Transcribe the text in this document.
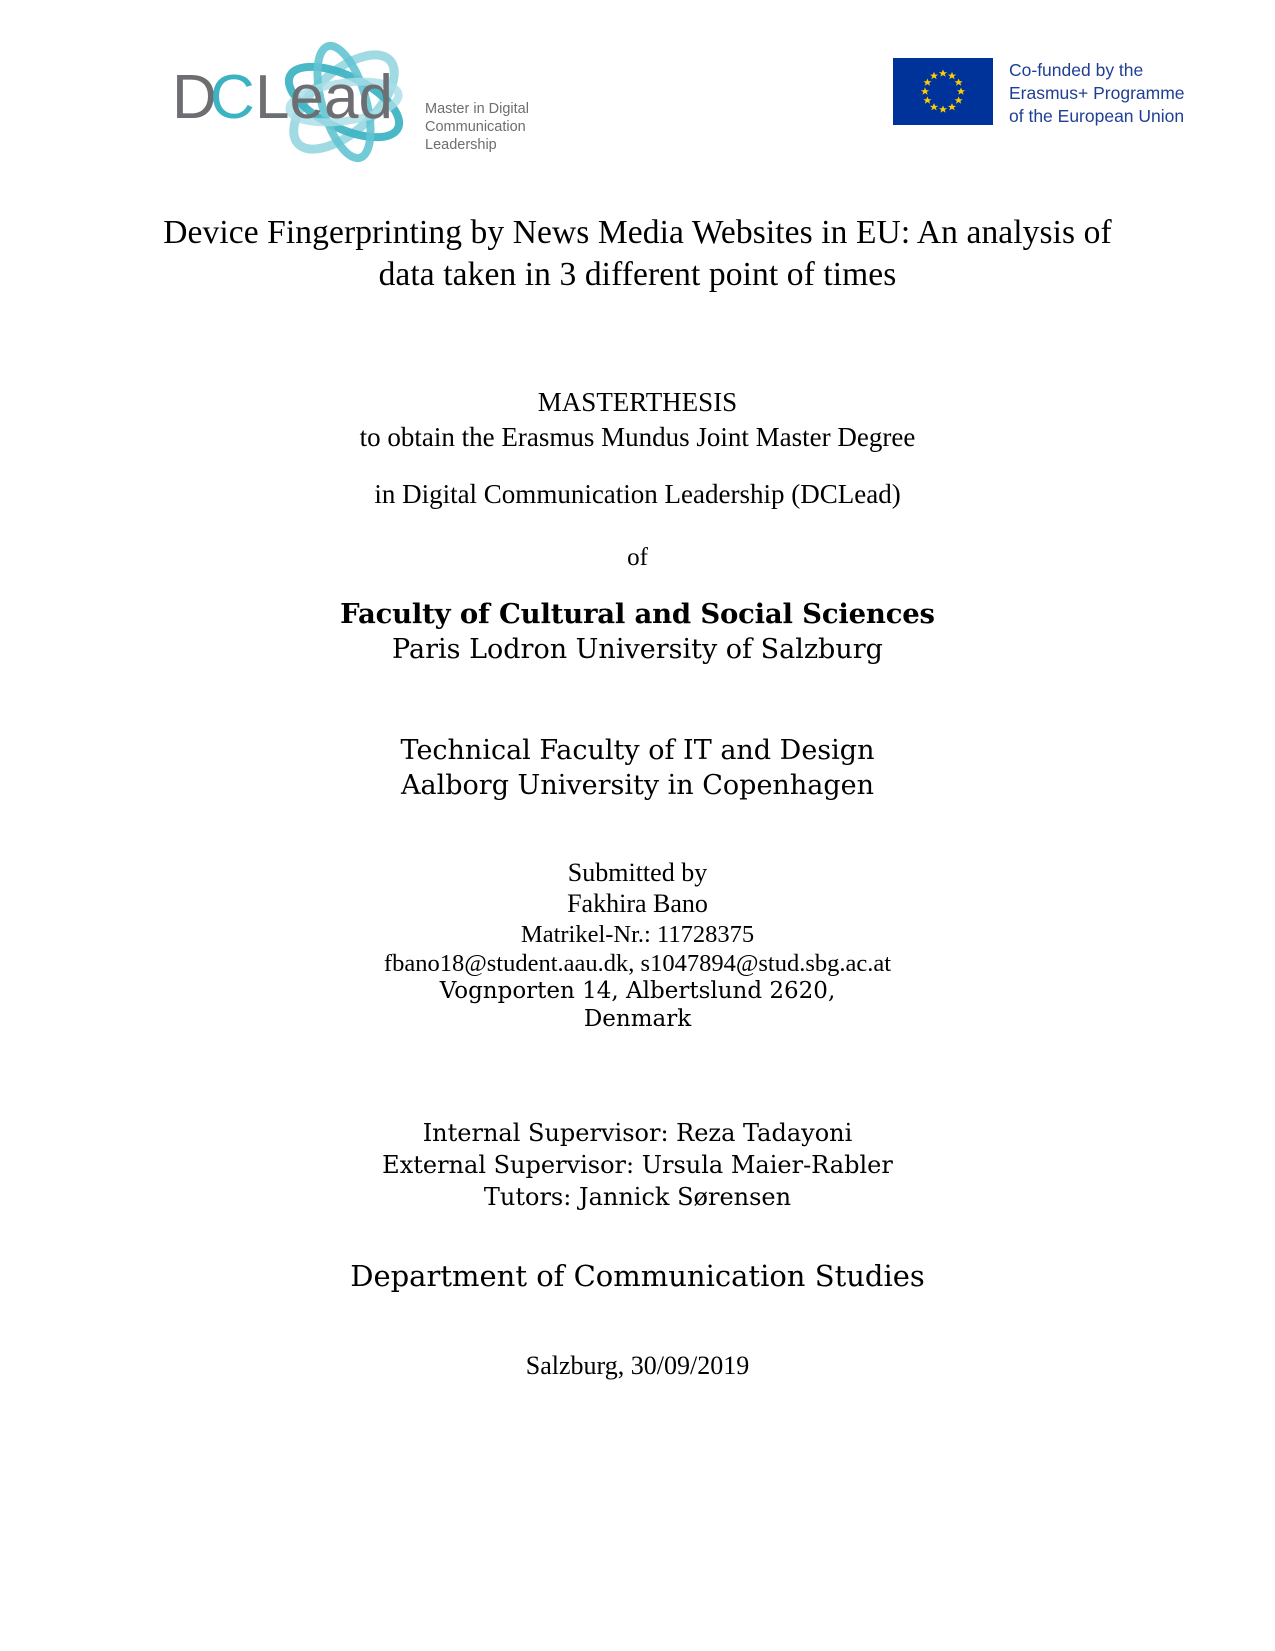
D
C Lead Master in Digital
Communication
Leadership
Co-funded by the
Erasmus+ Programme
of the European Union
Device Fingerprinting by News Media Websites in EU: An analysis of
data taken in 3 different point of times
MASTERTHESIS
to obtain the Erasmus Mundus Joint Master Degree
in Digital Communication Leadership (DCLead)
of
Faculty of Cultural and Social Sciences
Paris Lodron University of Salzburg
Technical Faculty of IT and Design
Aalborg University in Copenhagen
Submitted by
Fakhira Bano
Matrikel-Nr.: 11728375
fbano18@student.aau.dk, s1047894@stud.sbg.ac.at
Vognporten 14, Albertslund 2620,
Denmark
Internal Supervisor: Reza Tadayoni
External Supervisor: Ursula Maier-Rabler
Tutors: Jannick Sørensen
Department of Communication Studies
Salzburg, 30/09/2019
